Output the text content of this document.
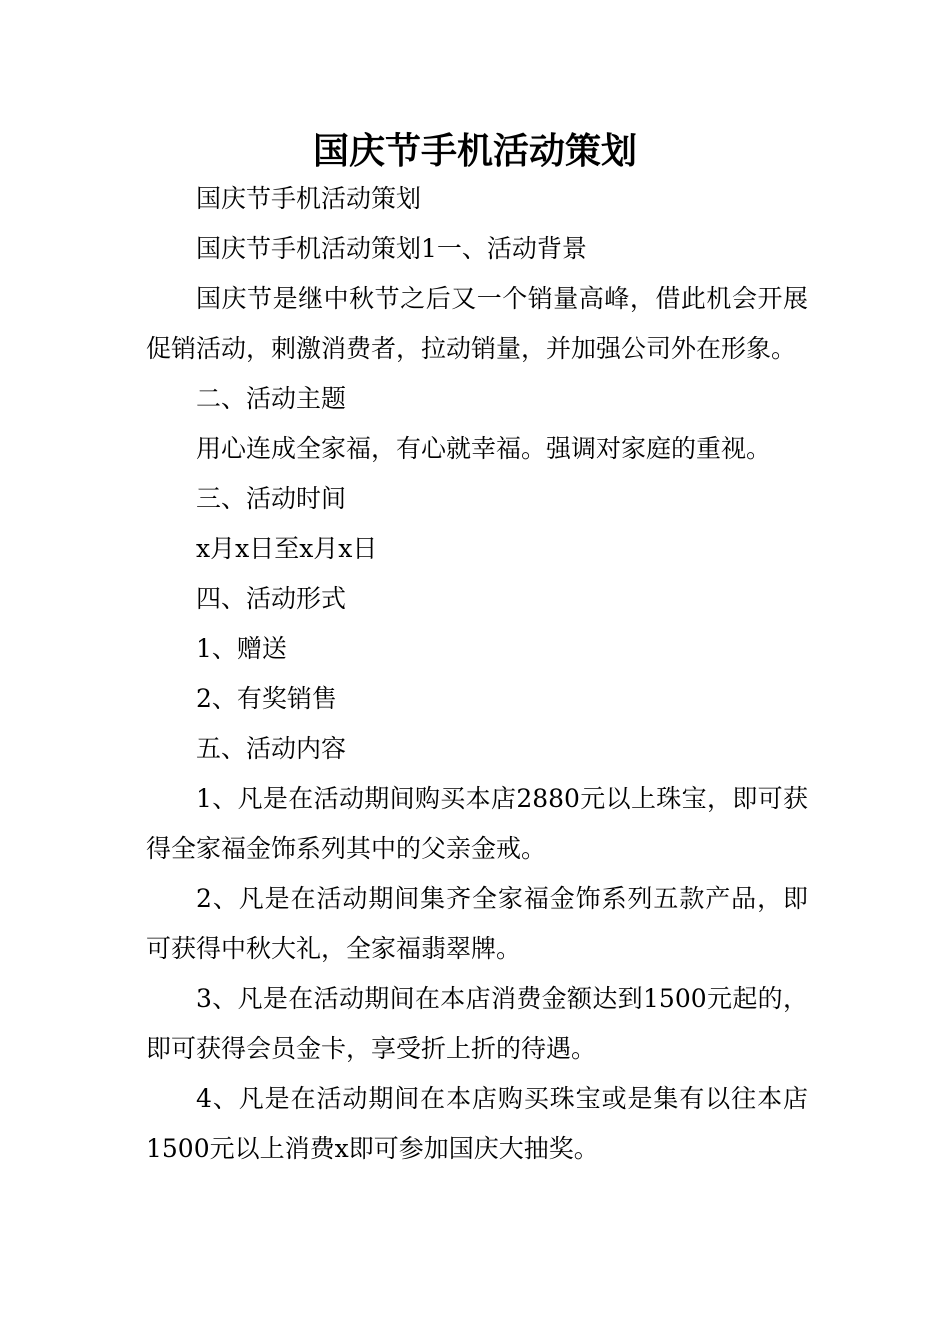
国庆节手机活动策划

国庆节手机活动策划

国庆节手机活动策划1一、活动背景

国庆节是继中秋节之后又一个销量高峰，借此机会开展促销活动，刺激消费者，拉动销量，并加强公司外在形象。

二、活动主题

用心连成全家福，有心就幸福。强调对家庭的重视。

三、活动时间

x月x日至x月x日

四、活动形式

1、赠送

2、有奖销售

五、活动内容

1、凡是在活动期间购买本店2880元以上珠宝，即可获得全家福金饰系列其中的父亲金戒。

2、凡是在活动期间集齐全家福金饰系列五款产品，即可获得中秋大礼，全家福翡翠牌。

3、凡是在活动期间在本店消费金额达到1500元起的，即可获得会员金卡，享受折上折的待遇。

4、凡是在活动期间在本店购买珠宝或是集有以往本店1500元以上消费x即可参加国庆大抽奖。
